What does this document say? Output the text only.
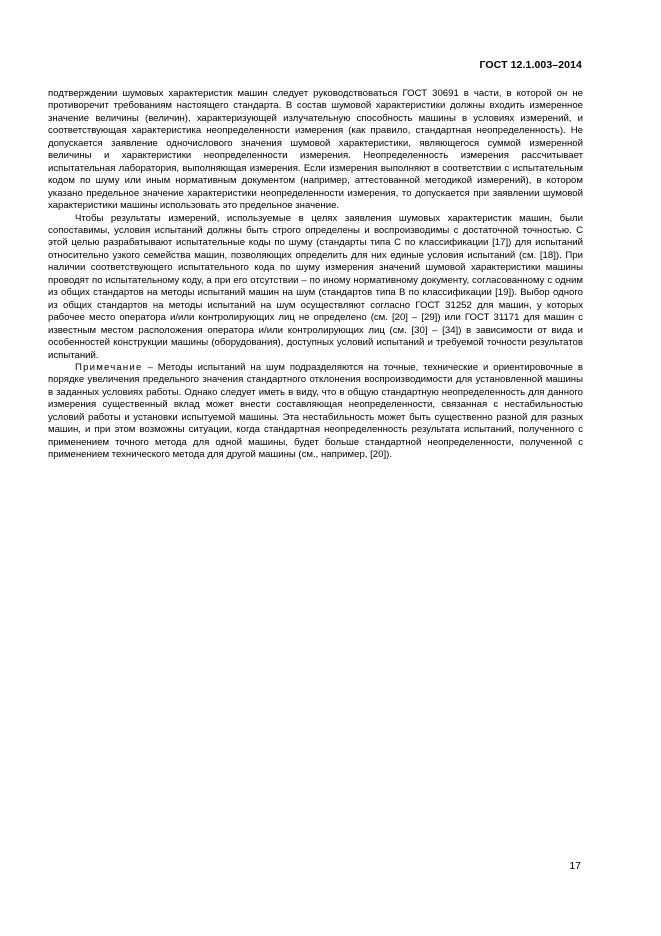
ГОСТ 12.1.003–2014

подтверждении шумовых характеристик машин следует руководствоваться ГОСТ 30691 в части, в которой он не противоречит требованиям настоящего стандарта. В состав шумовой характеристики должны входить измеренное значение величины (величин), характеризующей излучательную способность машины в условиях измерений, и соответствующая характеристика неопределенности измерения (как правило, стандартная неопределенность). Не допускается заявление одночислового значения шумовой характеристики, являющегося суммой измеренной величины и характеристики неопределенности измерения. Неопределенность измерения рассчитывает испытательная лаборатория, выполняющая измерения. Если измерения выполняют в соответствии с испытательным кодом по шуму или иным нормативным документом (например, аттестованной методикой измерений), в котором указано предельное значение характеристики неопределенности измерения, то допускается при заявлении шумовой характеристики машины использовать это предельное значение.

Чтобы результаты измерений, используемые в целях заявления шумовых характеристик машин, были сопоставимы, условия испытаний должны быть строго определены и воспроизводимы с достаточной точностью. С этой целью разрабатывают испытательные коды по шуму (стандарты типа С по классификации [17]) для испытаний относительно узкого семейства машин, позволяющих определить для них единые условия испытаний (см. [18]). При наличии соответствующего испытательного кода по шуму измерения значений шумовой характеристики машины проводят по испытательному коду, а при его отсутствии – по иному нормативному документу, согласованному с одним из общих стандартов на методы испытаний машин на шум (стандартов типа В по классификации [19]). Выбор одного из общих стандартов на методы испытаний на шум осуществляют согласно ГОСТ 31252 для машин, у которых рабочее место оператора и/или контролирующих лиц не определено (см. [20] – [29]) или ГОСТ 31171 для машин с известным местом расположения оператора и/или контролирующих лиц (см. [30] – [34]) в зависимости от вида и особенностей конструкции машины (оборудования), доступных условий испытаний и требуемой точности результатов испытаний.

Примечание – Методы испытаний на шум подразделяются на точные, технические и ориентировочные в порядке увеличения предельного значения стандартного отклонения воспроизводимости для установленной машины в заданных условиях работы. Однако следует иметь в виду, что в общую стандартную неопределенность для данного измерения существенный вклад может внести составляющая неопределенности, связанная с нестабильностью условий работы и установки испытуемой машины. Эта нестабильность может быть существенно разной для разных машин, и при этом возможны ситуации, когда стандартная неопределенность результата испытаний, полученного с применением точного метода для одной машины, будет больше стандартной неопределенности, полученной с применением технического метода для другой машины (см., например, [20]).

17
